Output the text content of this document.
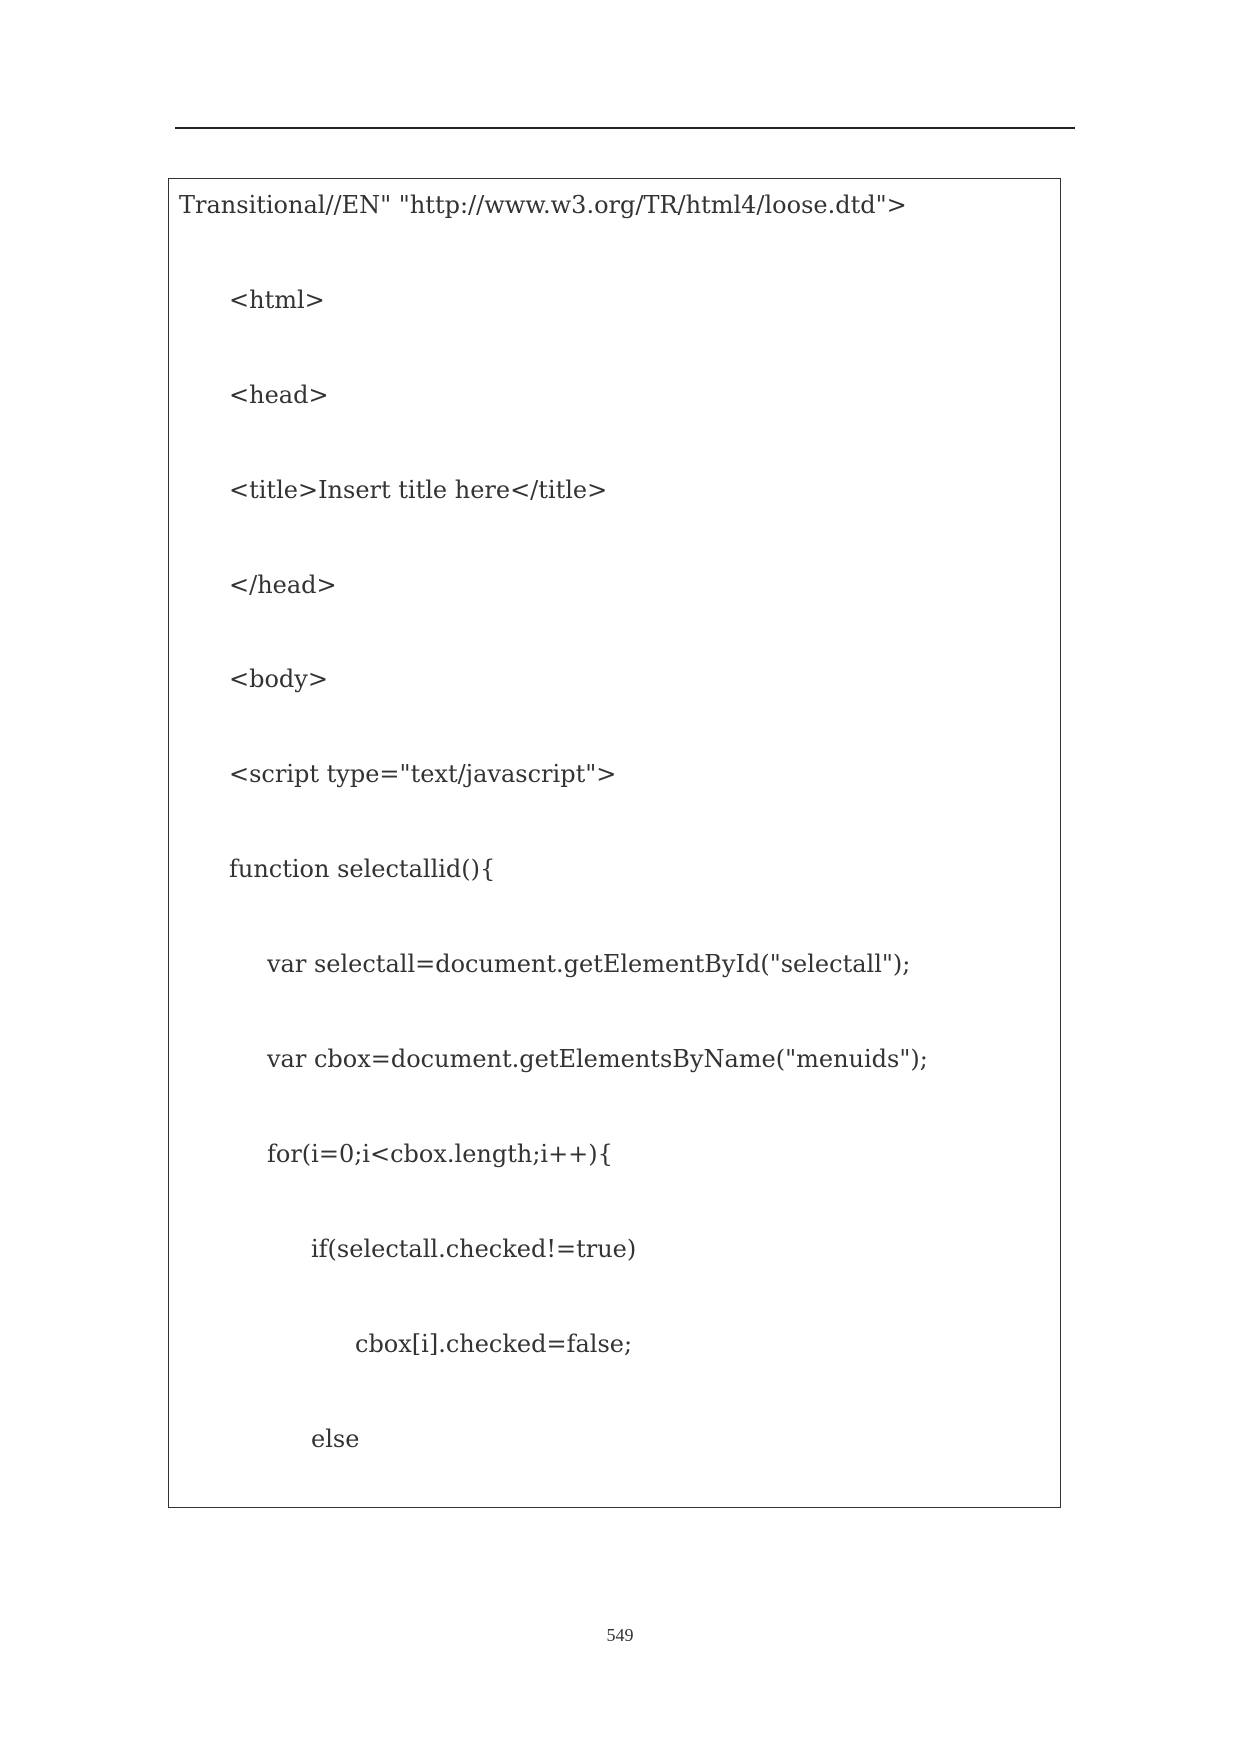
Transitional//EN" "http://www.w3.org/TR/html4/loose.dtd">
<html>
<head>
<title>Insert title here</title>
</head>
<body>
<script type="text/javascript">
function selectallid(){
var selectall=document.getElementById("selectall");
var cbox=document.getElementsByName("menuids");
for(i=0;i<cbox.length;i++){
if(selectall.checked!=true)
cbox[i].checked=false;
else
549
